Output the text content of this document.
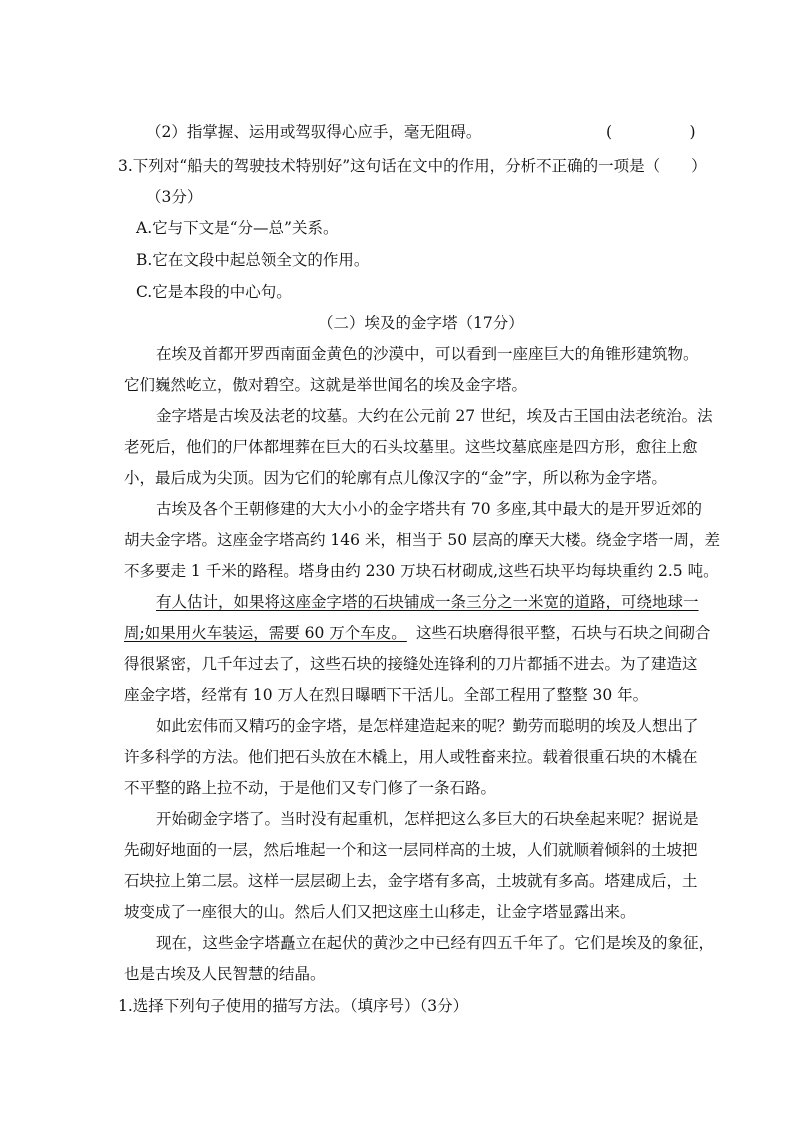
（2）指掌握、运用或驾驭得心应手，毫无阻碍。	(　　　　　)
3.下列对“船夫的驾驶技术特别好”这句话在文中的作用，分析不正确的一项是（　　）
（3分）
A.它与下文是“分—总”关系。
B.它在文段中起总领全文的作用。
C.它是本段的中心句。
（二）埃及的金字塔（17分）
在埃及首都开罗西南面金黄色的沙漠中，可以看到一座座巨大的角锥形建筑物。
它们巍然屹立，傲对碧空。这就是举世闻名的埃及金字塔。
金字塔是古埃及法老的坟墓。大约在公元前 27 世纪，埃及古王国由法老统治。法
老死后，他们的尸体都埋葬在巨大的石头坟墓里。这些坟墓底座是四方形，愈往上愈
小，最后成为尖顶。因为它们的轮廓有点儿像汉字的“金”字，所以称为金字塔。
古埃及各个王朝修建的大大小小的金字塔共有 70 多座,其中最大的是开罗近郊的
胡夫金字塔。这座金字塔高约 146 米，相当于 50 层高的摩天大楼。绕金字塔一周，差
不多要走 1 千米的路程。塔身由约 230 万块石材砌成,这些石块平均每块重约 2.5 吨。
有人估计，如果将这座金字塔的石块铺成一条三分之一米宽的道路，可绕地球一
周;如果用火车装运，需要 60 万个车皮。 这些石块磨得很平整，石块与石块之间砌合
得很紧密，几千年过去了，这些石块的接缝处连锋利的刀片都插不进去。为了建造这
座金字塔，经常有 10 万人在烈日曝晒下干活儿。全部工程用了整整 30 年。
如此宏伟而又精巧的金字塔，是怎样建造起来的呢？勤劳而聪明的埃及人想出了
许多科学的方法。他们把石头放在木橇上，用人或牲畜来拉。载着很重石块的木橇在
不平整的路上拉不动，于是他们又专门修了一条石路。
开始砌金字塔了。当时没有起重机，怎样把这么多巨大的石块垒起来呢？据说是
先砌好地面的一层，然后堆起一个和这一层同样高的土坡，人们就顺着倾斜的土坡把
石块拉上第二层。这样一层层砌上去，金字塔有多高，土坡就有多高。塔建成后，土
坡变成了一座很大的山。然后人们又把这座土山移走，让金字塔显露出来。
现在，这些金字塔矗立在起伏的黄沙之中已经有四五千年了。它们是埃及的象征，
也是古埃及人民智慧的结晶。
1.选择下列句子使用的描写方法。（填序号）（3分）
